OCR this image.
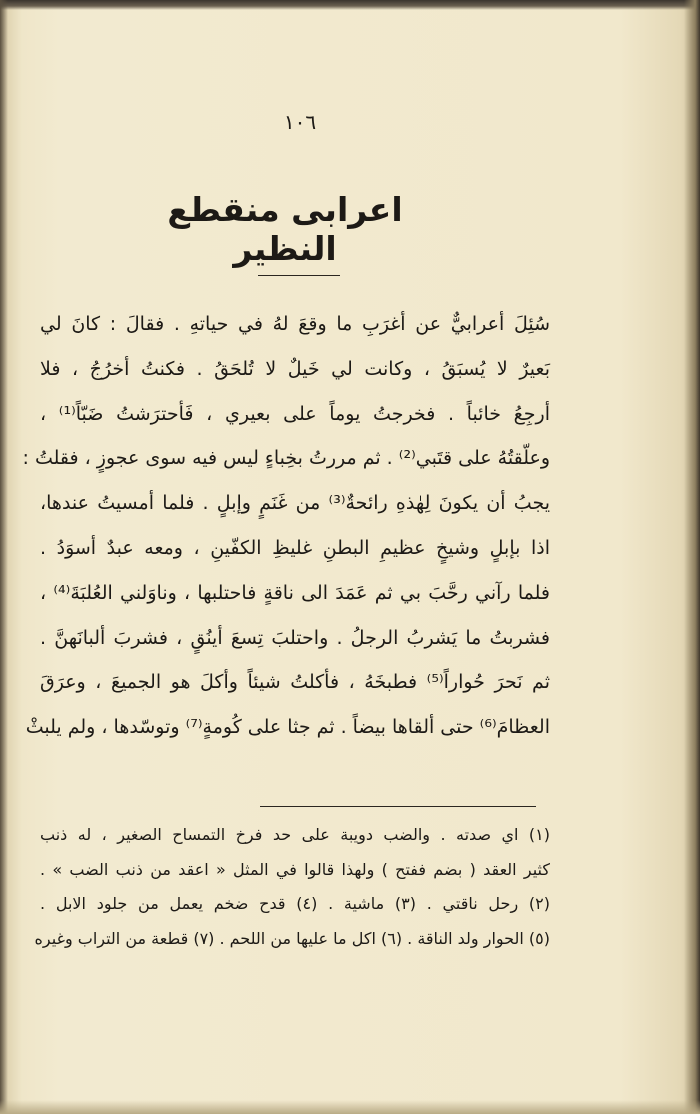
١٠٦
اعرابى منقطع النظير
سُئِلَ أعرابيٌّ عن أغرَبِ ما وقعَ لهُ في حياتهِ . فقالَ : كانَ لي
بَعيرٌ لا يُسبَقُ ، وكانت لي خَيلٌ لا تُلحَقُ . فكنتُ أخرُجُ ، فلا
أرجِعُ خائباً . فخرجتُ يوماً على بعيري ، فَأحترَشتُ ضَبّاً⁽¹⁾ ،
وعلّقتُهُ على قتَبي⁽²⁾ . ثم مررتُ بخِباءٍ ليس فيه سوى عجوزٍ ، فقلتُ :
يجبُ أن يكونَ لِهٰذهِ رائحةٌ⁽³⁾ من غَنَمٍ وإبلٍ . فلما أمسيتُ عندها،
اذا بإبلٍ وشيخٍ عظيمِ البطنِ غليظِ الكفّينِ ، ومعه عبدٌ أسوَدُ .
فلما رآني رحَّبَ بي ثم عَمَدَ الى ناقةٍ فاحتلبها ، وناوَلني العُلبَةَ⁽⁴⁾ ،
فشربتُ ما يَشربُ الرجلُ . واحتلبَ تِسعَ أينُقٍ ، فشربَ ألبانَهنَّ .
ثم نَحرَ حُواراً⁽⁵⁾ فطبخَهُ ، فأكلتُ شيئاً وأكلَ هو الجميعَ ، وعرَقَ
العظامَ⁽⁶⁾ حتى ألقاها بيضاً . ثم جثا على كُومةٍ⁽⁷⁾ وتوسّدها ، ولم يلبثْ
(١) اي صدته . والضب دويبة على حد فرخ التمساح الصغير ، له ذنب
كثير العقد ( بضم ففتح ) ولهذا قالوا في المثل « اعقد من ذنب الضب » .
(٢) رحل ناقتي . (٣) ماشية . (٤) قدح ضخم يعمل من جلود الابل .
(٥) الحوار ولد الناقة . (٦) اكل ما عليها من اللحم . (٧) قطعة من التراب وغيره
